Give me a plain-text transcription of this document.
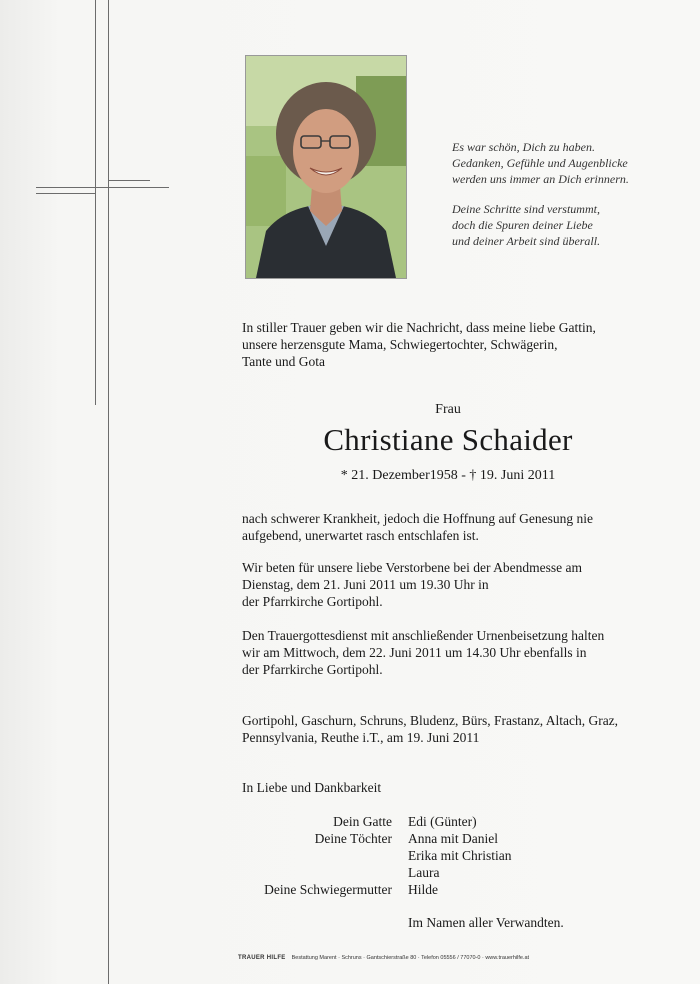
Es war schön, Dich zu haben.
Gedanken, Gefühle und Augenblicke
werden uns immer an Dich erinnern.

Deine Schritte sind verstummt,
doch die Spuren deiner Liebe
und deiner Arbeit sind überall.

In stiller Trauer geben wir die Nachricht, dass meine liebe Gattin,
unsere herzensgute Mama, Schwiegertochter, Schwägerin,
Tante und Gota
Frau
Christiane Schaider
* 21. Dezember1958 - † 19. Juni 2011
nach schwerer Krankheit, jedoch die Hoffnung auf Genesung nie
aufgebend, unerwartet rasch entschlafen ist.
Wir beten für unsere liebe Verstorbene bei der Abendmesse am
Dienstag, dem 21. Juni 2011 um 19.30 Uhr in
der Pfarrkirche Gortipohl.
Den Trauergottesdienst mit anschließender Urnenbeisetzung halten
wir am Mittwoch, dem 22. Juni 2011 um 14.30 Uhr ebenfalls in
der Pfarrkirche Gortipohl.
Gortipohl, Gaschurn, Schruns, Bludenz, Bürs, Frastanz, Altach, Graz,
Pennsylvania, Reuthe i.T., am 19. Juni 2011
In Liebe und Dankbarkeit
Dein Gatte	Edi (Günter)
Deine Töchter	Anna mit Daniel
Erika mit Christian
Laura
Deine Schwiegermutter	Hilde
Im Namen aller Verwandten.
TRAUER HILFE Bestattung Marent · Schruns · Gantschierstraße 80 · Telefon 05556 / 77070-0 · www.trauerhilfe.at
